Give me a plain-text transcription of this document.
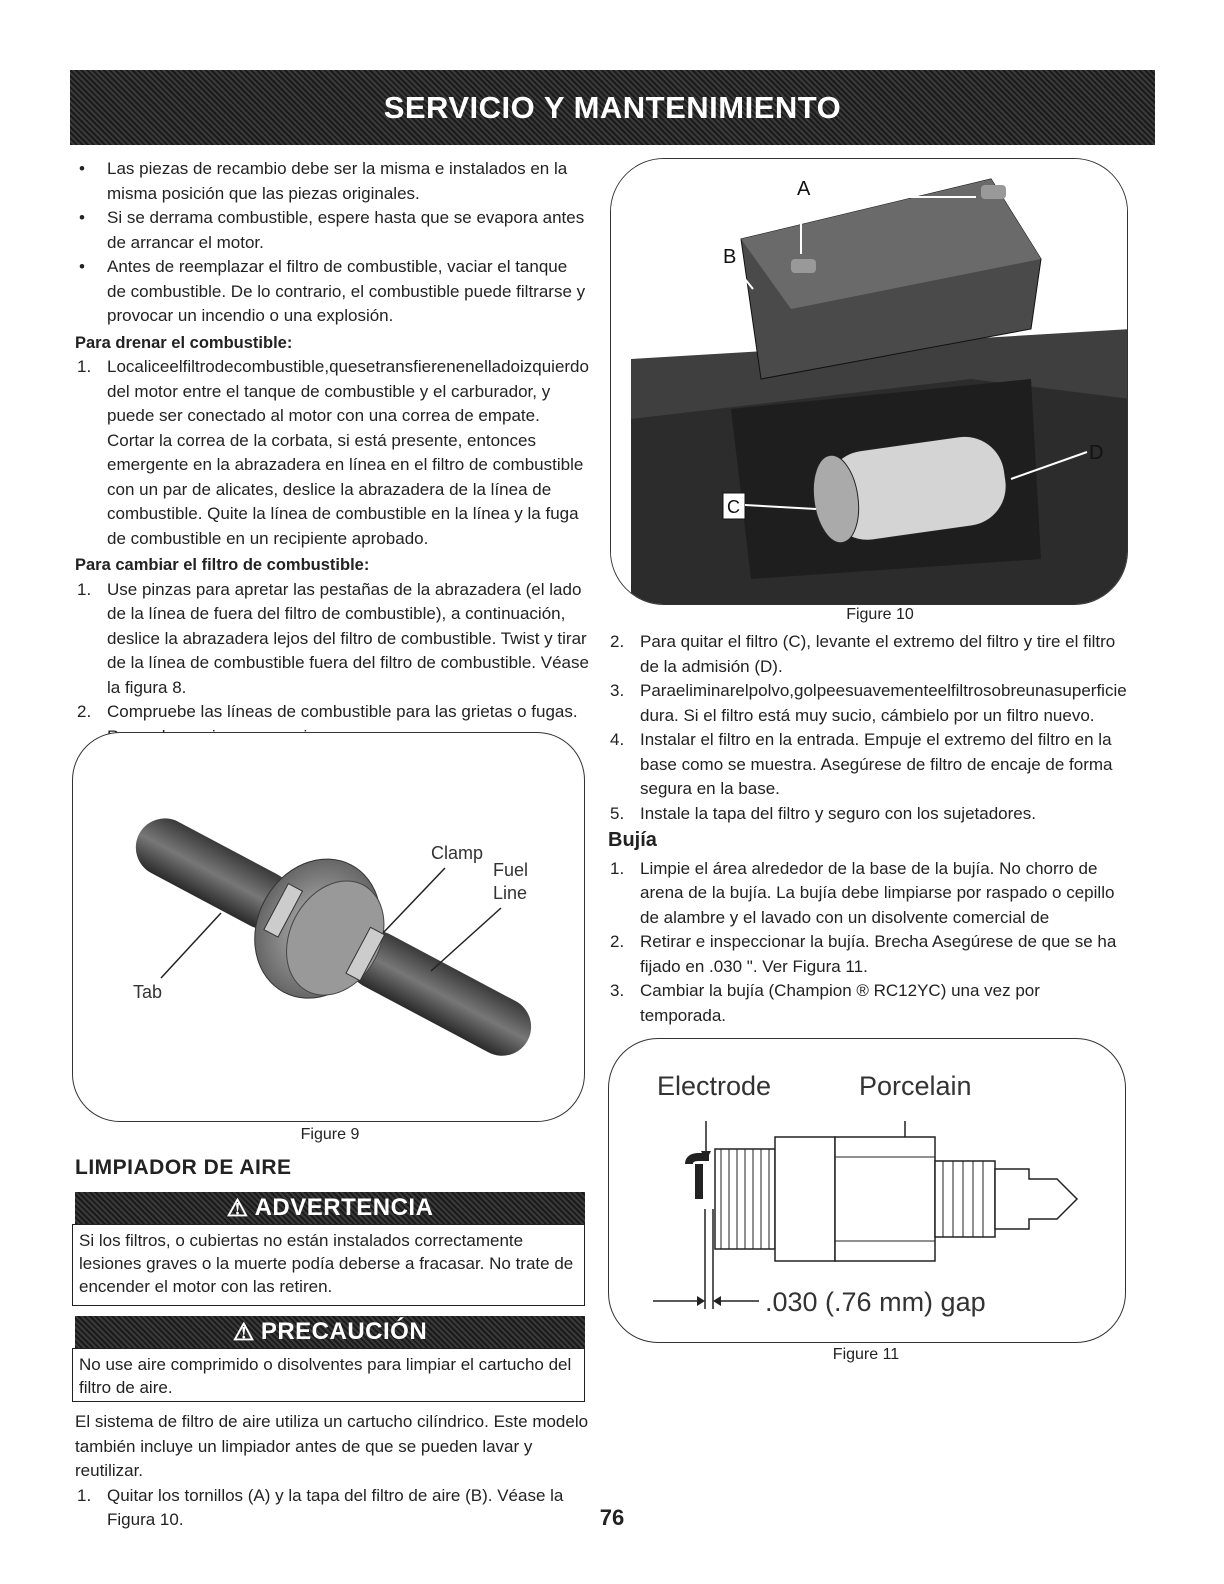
SERVICIO Y MANTENIMIENTO
• Las piezas de recambio debe ser la misma e instalados en la misma posición que las piezas originales.
• Si se derrama combustible, espere hasta que se evapora antes de arrancar el motor.
• Antes de reemplazar el filtro de combustible, vaciar el tanque de combustible. De lo contrario, el combustible puede filtrarse y provocar un incendio o una explosión.
Para drenar el combustible:
1. Localiceelfiltrodecombustible,quesetransfierenenelladoizquierdo del motor entre el tanque de combustible y el carburador, y puede ser conectado al motor con una correa de empate. Cortar la correa de la corbata, si está presente, entonces emergente en la abrazadera en línea en el filtro de combustible con un par de alicates, deslice la abrazadera de la línea de combustible. Quite la línea de combustible en la línea y la fuga de combustible en un recipiente aprobado.
Para cambiar el filtro de combustible:
1. Use pinzas para apretar las pestañas de la abrazadera (el lado de la línea de fuera del filtro de combustible), a continuación, deslice la abrazadera lejos del filtro de combustible. Twist y tirar de la línea de combustible fuera del filtro de combustible. Véase la figura 8.
2. Compruebe las líneas de combustible para las grietas o fugas.
Clamp
Fuel
Line
Tab
Figure 9
LIMPIADOR DE AIRE
⚠ ADVERTENCIA
Si los filtros, o cubiertas no están instalados correctamente lesiones graves o la muerte podía deberse a fracasar. No trate de encender el motor con las retiren.
⚠ PRECAUCIÓN
No use aire comprimido o disolventes para limpiar el cartucho del filtro de aire.
El sistema de filtro de aire utiliza un cartucho cilíndrico. Este modelo también incluye un limpiador antes de que se pueden lavar y reutilizar.
1. Quitar los tornillos (A) y la tapa del filtro de aire (B). Véase la Figura 10.
B
A
D
C
Figure 10
2. Para quitar el filtro (C), levante el extremo del filtro y tire el filtro de la admisión (D).
3. Paraeliminarelpolvo,golpeesuavementeelfiltrosobreunasuperficie dura. Si el filtro está muy sucio, cámbielo por un filtro nuevo.
4. Instalar el filtro en la entrada. Empuje el extremo del filtro en la base como se muestra. Asegúrese de filtro de encaje de forma segura en la base.
5. Instale la tapa del filtro y seguro con los sujetadores.
Bujía
1. Limpie el área alrededor de la base de la bujía. No chorro de arena de la bujía. La bujía debe limpiarse por raspado o cepillo de alambre y el lavado con un disolvente comercial de
2. Retirar e inspeccionar la bujía. Brecha Asegúrese de que se ha fijado en .030 ". Ver Figura 11.
3. Cambiar la bujía (Champion ® RC12YC) una vez por temporada.
Electrode	Porcelain
.030 (.76 mm) gap
Figure 11
76
